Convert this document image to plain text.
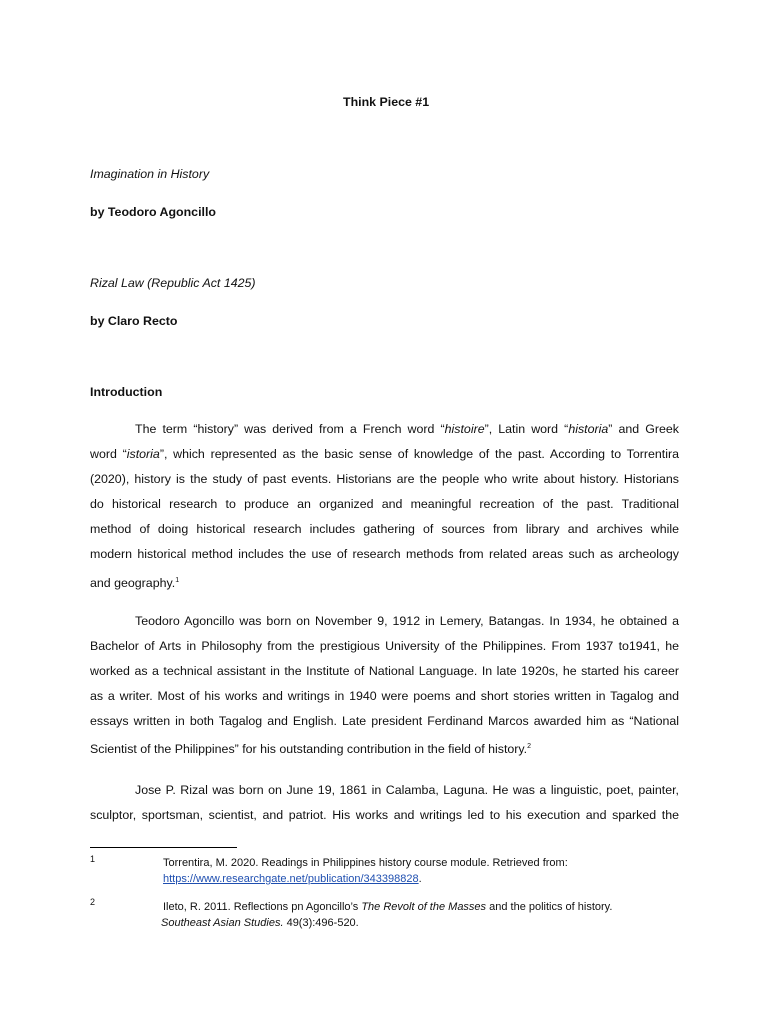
Think Piece #1
Imagination in History
by Teodoro Agoncillo
Rizal Law (Republic Act 1425)
by Claro Recto
Introduction
The term “history” was derived from a French word “histoire”, Latin word “historia” and Greek
word “istoria”, which represented as the basic sense of knowledge of the past. According to Torrentira
(2020), history is the study of past events. Historians are the people who write about history. Historians
do historical research to produce an organized and meaningful recreation of the past. Traditional
method of doing historical research includes gathering of sources from library and archives while
modern historical method includes the use of research methods from related areas such as archeology
and geography.$^1$
Teodoro Agoncillo was born on November 9, 1912 in Lemery, Batangas. In 1934, he obtained a
Bachelor of Arts in Philosophy from the prestigious University of the Philippines. From 1937 to1941, he
worked as a technical assistant in the Institute of National Language. In late 1920s, he started his career
as a writer. Most of his works and writings in 1940 were poems and short stories written in Tagalog and
essays written in both Tagalog and English. Late president Ferdinand Marcos awarded him as “National
Scientist of the Philippines” for his outstanding contribution in the field of history.$^2$
Jose P. Rizal was born on June 19, 1861 in Calamba, Laguna. He was a linguistic, poet, painter,
sculptor, sportsman, scientist, and patriot. His works and writings led to his execution and sparked the
1	Torrentira, M. 2020. Readings in Philippines history course module. Retrieved from:
https://www.researchgate.net/publication/343398828.
2	Ileto, R. 2011. Reflections pn Agoncillo’s The Revolt of the Masses and the politics of history.
Southeast Asian Studies. 49(3):496-520.
